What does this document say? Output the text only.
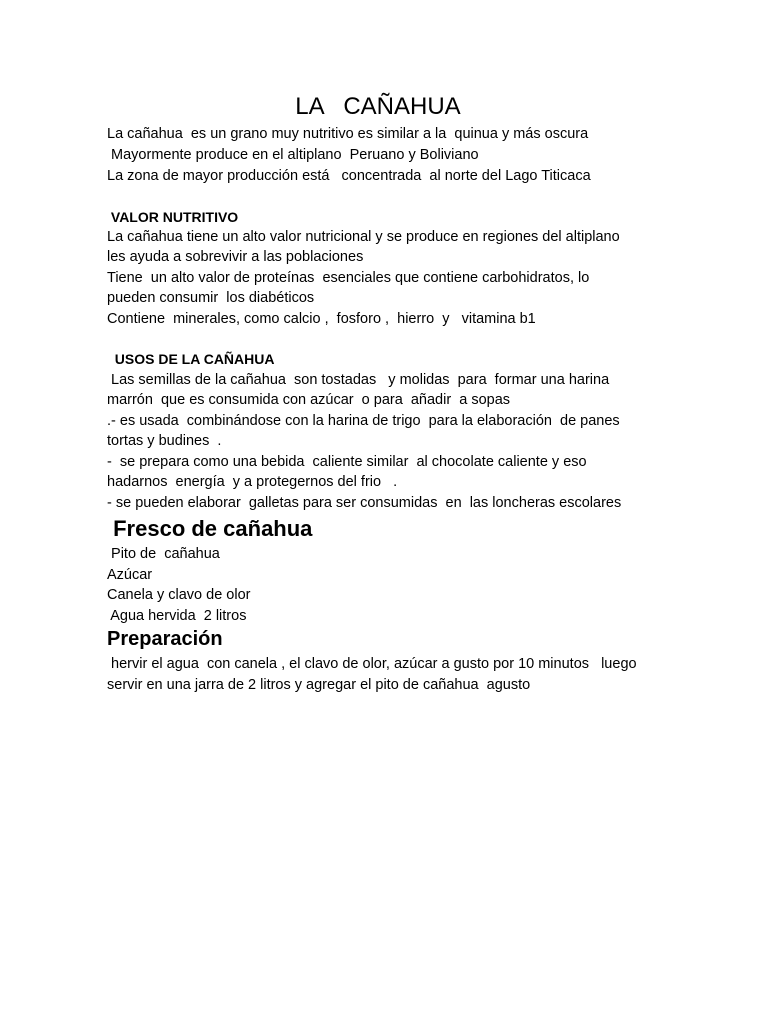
LA   CAÑAHUA
La cañahua  es un grano muy nutritivo es similar a la  quinua y más oscura
Mayormente produce en el altiplano  Peruano y Boliviano
La zona de mayor producción está   concentrada  al norte del Lago Titicaca
VALOR NUTRITIVO
La cañahua tiene un alto valor nutricional y se produce en regiones del altiplano
les ayuda a sobrevivir a las poblaciones
Tiene  un alto valor de proteínas  esenciales que contiene carbohidratos, lo
pueden consumir  los diabéticos
Contiene  minerales, como calcio ,  fosforo ,  hierro  y   vitamina b1
USOS DE LA CAÑAHUA
Las semillas de la cañahua  son tostadas   y molidas  para  formar una harina
marrón  que es consumida con azúcar  o para  añadir  a sopas
.- es usada  combinándose con la harina de trigo  para la elaboración  de panes
tortas y budines  .
-  se prepara como una bebida  caliente similar  al chocolate caliente y eso
hadarnos  energía  y a protegernos del frio   .
- se pueden elaborar  galletas para ser consumidas  en  las loncheras escolares
Fresco de cañahua
Pito de  cañahua
Azúcar
Canela y clavo de olor
Agua hervida  2 litros
Preparación
hervir el agua  con canela , el clavo de olor, azúcar a gusto por 10 minutos   luego
servir en una jarra de 2 litros y agregar el pito de cañahua  agusto
